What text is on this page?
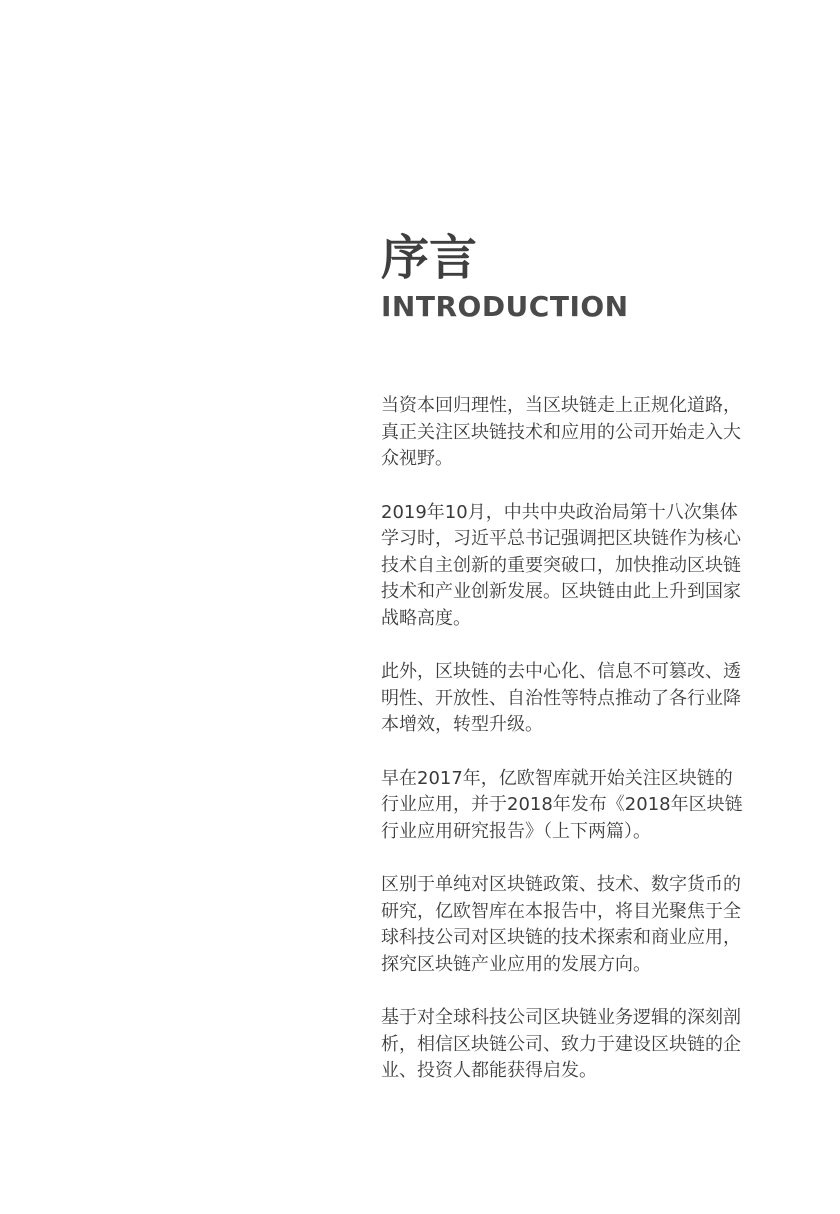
序言
INTRODUCTION

当资本回归理性，当区块链走上正规化道路，
真正关注区块链技术和应用的公司开始走入大
众视野。

2019年10月，中共中央政治局第十八次集体
学习时，习近平总书记强调把区块链作为核心
技术自主创新的重要突破口，加快推动区块链
技术和产业创新发展。区块链由此上升到国家
战略高度。

此外，区块链的去中心化、信息不可篡改、透
明性、开放性、自治性等特点推动了各行业降
本增效，转型升级。

早在2017年，亿欧智库就开始关注区块链的
行业应用，并于2018年发布《2018年区块链
行业应用研究报告》（上下两篇）。

区别于单纯对区块链政策、技术、数字货币的
研究，亿欧智库在本报告中，将目光聚焦于全
球科技公司对区块链的技术探索和商业应用，
探究区块链产业应用的发展方向。

基于对全球科技公司区块链业务逻辑的深刻剖
析，相信区块链公司、致力于建设区块链的企
业、投资人都能获得启发。
